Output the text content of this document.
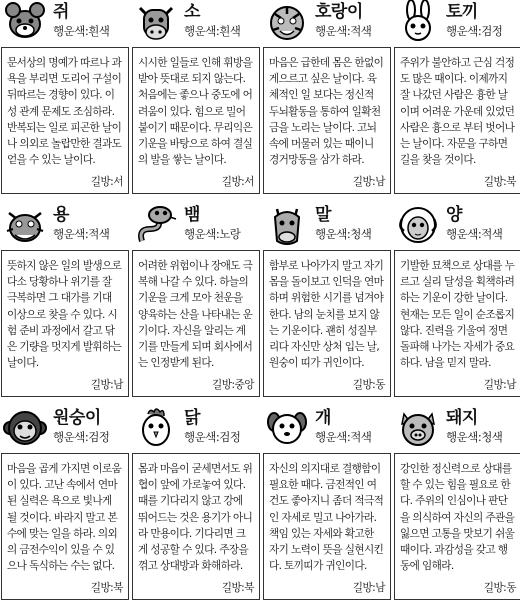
쥐
행운색:흰색
문서상의 명예가 따르나 과욕을 부리면 도리어 구설이 뒤따르는 경향이 있다. 이성 관계 문제도 조심하라. 반복되는 일로 피곤한 날이나 의외로 놀랍만한 결과도 얻을 수 있는 날이다.
길방:서
소
행운색:흰색
시시한 일들로 인해 휘방을 받아 뜻대로 되지 않는다. 처음에는 좋으나 중도에 어려움이 있다. 힘으로 밀어붙이기 때문이다. 무리익은 기운을 바탕으로 하여 결실의 발을 쌓는 날이다.
길방:서
호랑이
행운색:적색
마음은 급한데 몸은 한없이 게으르고 싶은 날이다. 육체적인 일 보다는 정신적 두뇌활동을 통하여 일확천금을 노리는 날이다. 고뇌 속에 머물러 있는 때이니 경거망동을 삼가 하라.
길방:남
토끼
행운색:검정
주위가 불안하고 근심 걱정도 많은 때이다. 이제까지 잘 나갔던 사람은 흉한 날이며 어려운 가운데 있었던 사람은 흉으로 부터 벗어나는 날이다. 자문을 구하면 길을 찾을 것이다.
길방:북
용
행운색:적색
뜻하지 않은 일의 발생으로 다소 당황하나 위기를 잘 극복하면 그 대가를 기대 이상으로 찾을 수 있다. 시험 준비 과정에서 갈고 닦은 기량을 멋지게 발휘하는 날이다.
길방:남
뱀
행운색:노랑
어려한 위험이나 장애도 극복해 나갈 수 있다. 하늘의 기운을 크게 모아 천운을 양육하는 산을 나타내는 운기이다. 자신을 알리는 계기를 만들게 되며 회사에서는 인정받게 된다.
길방:중앙
말
행운색:청색
함부로 나아가지 말고 자기 몸을 돌이보고 인덕을 연마하며 위험한 시기를 넘겨야 한다. 남의 눈치를 보지 않는 기운이다. 괜히 성질부리다 자신만 상처 입는 날, 원숭이 띠가 귀인이다.
길방:동
양
행운색:적색
기발한 묘책으로 상대를 누르고 실리 달성을 획책하려하는 기운이 강한 날이다. 현재는 모든 일이 순조롭지 않다. 진력을 기울여 정면 돌파해 나가는 자세가 중요하다. 남을 믿지 말라.
길방:남
원숭이
행운색:검정
마음을 곱게 가지면 이로움이 있다. 고난 속에서 연마된 실력은 욕으로 빛나게 될 것이다. 바라지 말고 본수에 맞는 일을 하라. 의외의 금전수익이 있을 수 있으나 독식하는 수는 없다.
길방:북
닭
행운색:검정
몸과 마음이 굳세면서도 위협이 앞에 가로놓여 있다. 때를 기다리지 않고 강에 뛰어드는 것은 용기가 아니라 만용이다. 기다리면 크게 성공할 수 있다. 주장을 꺾고 상대방과 화해하라.
길방:북
개
행운색:적색
자신의 의지대로 결행함이 필요한 때다. 금전적인 여건도 좋아지니 좀더 적극적인 자세로 밀고 나아가라. 책임 있는 자세와 확고한 자기 노력이 뜻을 실현시킨다. 토끼띠가 귀인이다.
길방:남
돼지
행운색:청색
강인한 정신력으로 상대를 할 수 있는 힘을 필요로 한다. 주위의 인심이나 판단을 의식하여 자신의 주관을 잃으면 고통을 맛보기 쉬울 때이다. 과감성을 갖고 행동에 임해라.
길방:동
